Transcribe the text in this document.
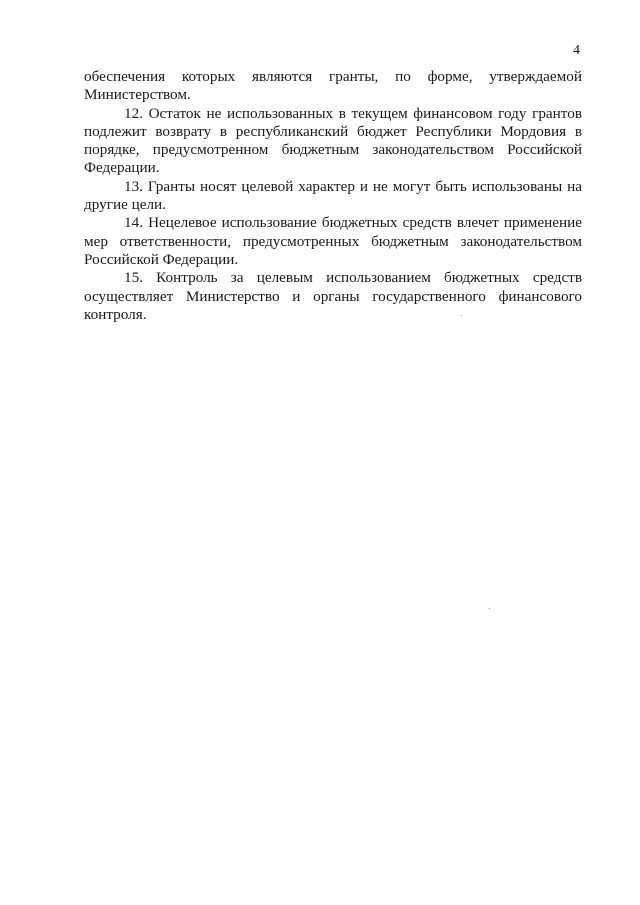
4

обеспечения которых являются гранты, по форме, утверждаемой Министерством.

12. Остаток не использованных в текущем финансовом году грантов подлежит возврату в республиканский бюджет Республики Мордовия в порядке, предусмотренном бюджетным законодательством Российской Федерации.

13. Гранты носят целевой характер и не могут быть использованы на другие цели.

14. Нецелевое использование бюджетных средств влечет применение мер ответственности, предусмотренных бюджетным законодательством Российской Федерации.

15. Контроль за целевым использованием бюджетных средств осуществляет Министерство и органы государственного финансового контроля.
